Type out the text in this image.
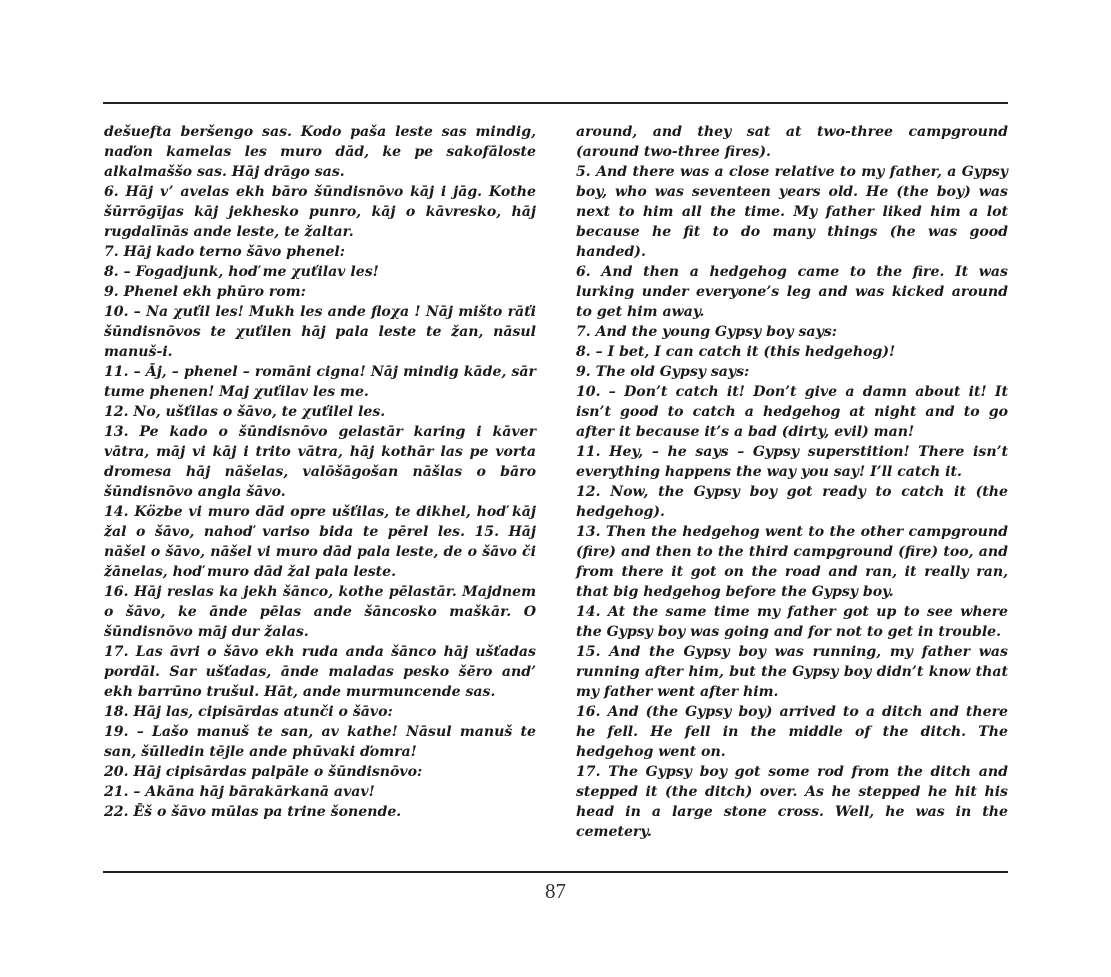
dešuefta beršengo sas. Kodo paša leste sas mindig, naďon kamelas les muro dād, ke pe sakofāloste alkalmaššo sas. Hāj drāgo sas.

6. Hāj v’ avelas ekh bāro šūndisnōvo kāj i jāg. Kothe šūrrōgījas kāj jekhesko punro, kāj o kāvresko, hāj rugdalīnās ande leste, te žaltar.

7. Hāj kado terno šāvo phenel:

8. – Fogadjunk, hoď me χuťilav les!

9. Phenel ekh phūro rom:

10. – Na χuťil les! Mukh les ande floχa ! Nāj mišto rāťi šūndisnōvos te χuťilen hāj pala leste te žan, nāsul manuš-i.

11. – Āj, – phenel – romāni cigna! Nāj mindig kāde, sār tume phenen! Maj χuťilav les me.

12. No, ušťilas o šāvo, te χuťilel les.

13. Pe kado o šūndisnōvo gelastār karing i kāver vātra, māj vi kāj i trito vātra, hāj kothār las pe vorta dromesa hāj nāšelas, valōšāgošan nāšlas o bāro šūndisnōvo angla šāvo.

14. Közbe vi muro dād opre ušťilas, te dikhel, hoď kāj žal o šāvo, nahoď variso bida te pērel les. 15. Hāj nāšel o šāvo, nāšel vi muro dād pala leste, de o šāvo či žānelas, hoď muro dād žal pala leste.

16. Hāj reslas ka jekh šānco, kothe pēlastār. Majdnem o šāvo, ke ānde pēlas ande šāncosko maškār. O šūndisnōvo māj dur žalas.

17. Las āvri o šāvo ekh ruda anda šānco hāj ušťadas pordāl. Sar ušťadas, ānde maladas pesko šēro and’ ekh barrūno trušul. Hāt, ande murmuncende sas.

18. Hāj las, cipisārdas atunči o šāvo:

19. – Lašo manuš te san, av kathe! Nāsul manuš te san, šūlledin tējle ande phūvaki ďomra!

20. Hāj cipisārdas palpāle o šūndisnōvo:

21. – Akāna hāj bārakārkanā avav!

22. Ēš o šāvo mūlas pa trine šonende.

around, and they sat at two-three campground (around two-three fires).

5. And there was a close relative to my father, a Gypsy boy, who was seventeen years old. He (the boy) was next to him all the time. My father liked him a lot because he fit to do many things (he was good handed).

6. And then a hedgehog came to the fire. It was lurking under everyone’s leg and was kicked around to get him away.

7. And the young Gypsy boy says:

8. – I bet, I can catch it (this hedgehog)!

9. The old Gypsy says:

10. – Don’t catch it! Don’t give a damn about it! It isn’t good to catch a hedgehog at night and to go after it because it’s a bad (dirty, evil) man!

11. Hey, – he says – Gypsy superstition! There isn’t everything happens the way you say! I’ll catch it.

12. Now, the Gypsy boy got ready to catch it (the hedgehog).

13. Then the hedgehog went to the other campground (fire) and then to the third campground (fire) too, and from there it got on the road and ran, it really ran, that big hedgehog before the Gypsy boy.

14. At the same time my father got up to see where the Gypsy boy was going and for not to get in trouble.

15. And the Gypsy boy was running, my father was running after him, but the Gypsy boy didn’t know that my father went after him.

16. And (the Gypsy boy) arrived to a ditch and there he fell. He fell in the middle of the ditch. The hedgehog went on.

17. The Gypsy boy got some rod from the ditch and stepped it (the ditch) over. As he stepped he hit his head in a large stone cross. Well, he was in the cemetery.

87
